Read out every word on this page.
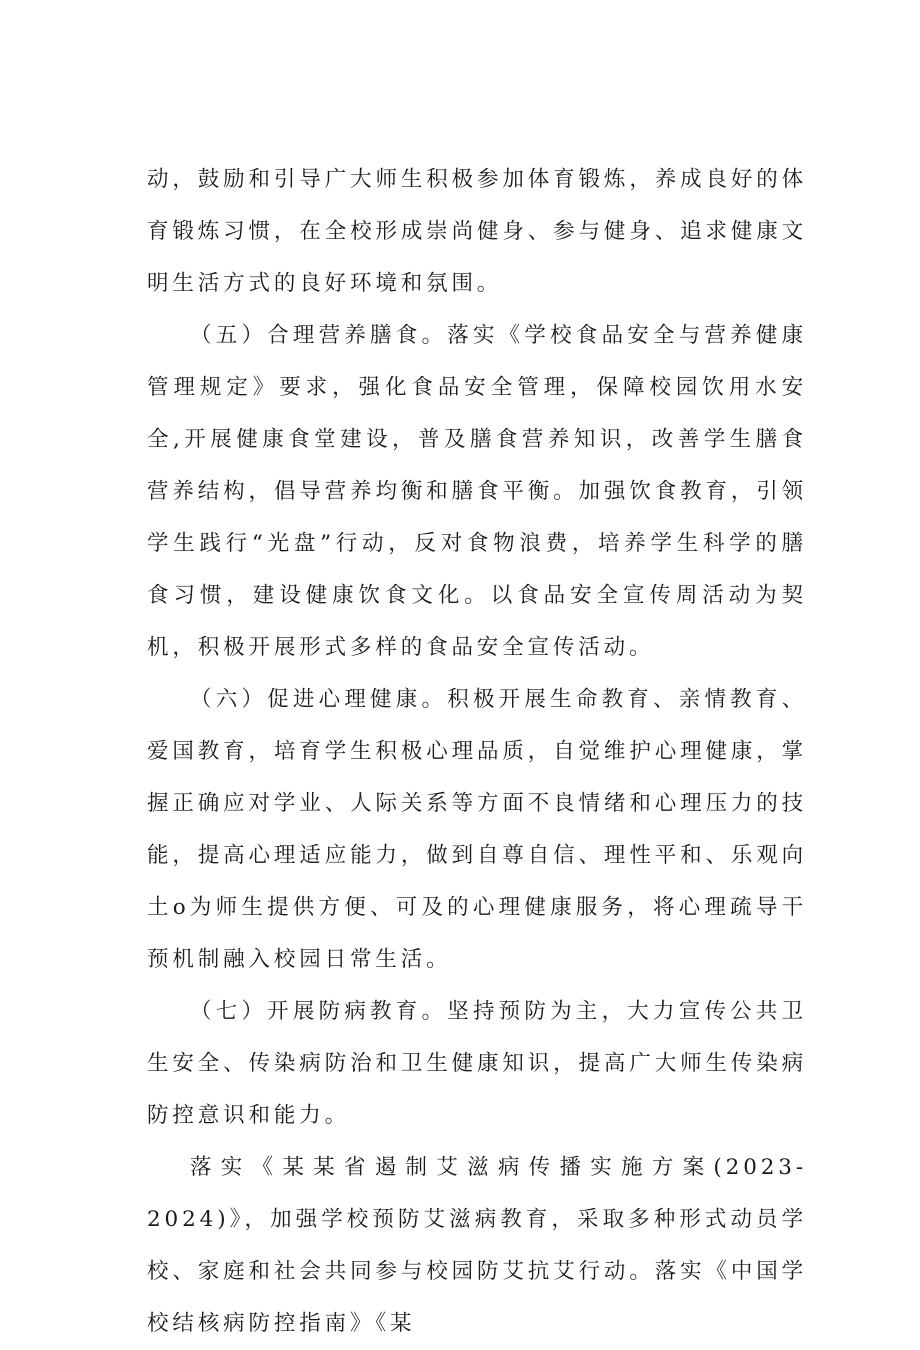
动，鼓励和引导广大师生积极参加体育锻炼，养成良好的体育锻炼习惯，在全校形成崇尚健身、参与健身、追求健康文明生活方式的良好环境和氛围。

（五）合理营养膳食。落实《学校食品安全与营养健康管理规定》要求，强化食品安全管理，保障校园饮用水安全,开展健康食堂建设，普及膳食营养知识，改善学生膳食营养结构，倡导营养均衡和膳食平衡。加强饮食教育，引领学生践行“光盘”行动，反对食物浪费，培养学生科学的膳食习惯，建设健康饮食文化。以食品安全宣传周活动为契机，积极开展形式多样的食品安全宣传活动。

（六）促进心理健康。积极开展生命教育、亲情教育、爱国教育，培育学生积极心理品质，自觉维护心理健康，掌握正确应对学业、人际关系等方面不良情绪和心理压力的技能，提高心理适应能力，做到自尊自信、理性平和、乐观向土o为师生提供方便、可及的心理健康服务，将心理疏导干预机制融入校园日常生活。

（七）开展防病教育。坚持预防为主，大力宣传公共卫生安全、传染病防治和卫生健康知识，提高广大师生传染病防控意识和能力。

落实《某某省遏制艾滋病传播实施方案(2023-2024)》，加强学校预防艾滋病教育，采取多种形式动员学校、家庭和社会共同参与校园防艾抗艾行动。落实《中国学校结核病防控指南》《某
